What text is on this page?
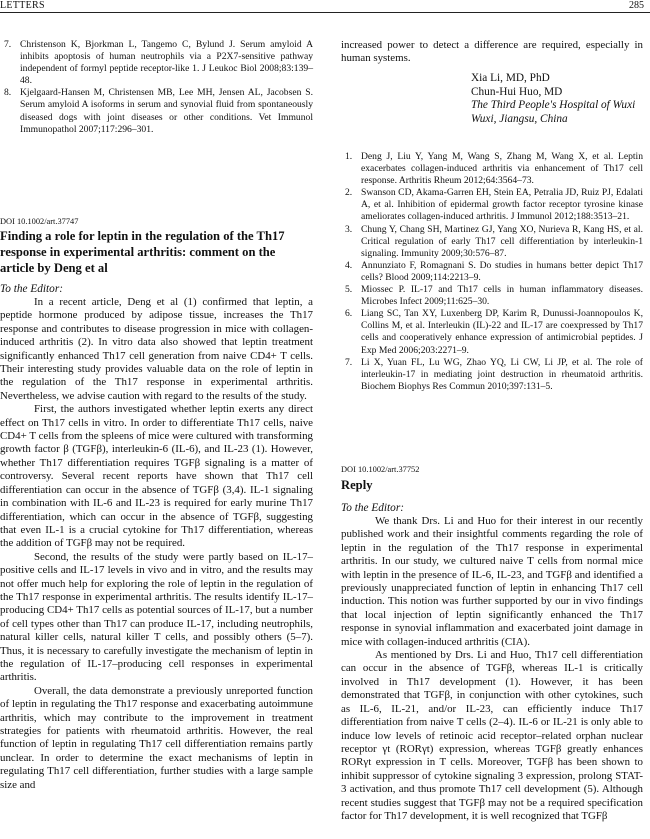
LETTERS	285
7. Christenson K, Bjorkman L, Tangemo C, Bylund J. Serum amyloid A inhibits apoptosis of human neutrophils via a P2X7-sensitive pathway independent of formyl peptide receptor-like 1. J Leukoc Biol 2008;83:139–48.
8. Kjelgaard-Hansen M, Christensen MB, Lee MH, Jensen AL, Jacobsen S. Serum amyloid A isoforms in serum and synovial fluid from spontaneously diseased dogs with joint diseases or other conditions. Vet Immunol Immunopathol 2007;117:296–301.
DOI 10.1002/art.37747
Finding a role for leptin in the regulation of the Th17 response in experimental arthritis: comment on the article by Deng et al

To the Editor:

In a recent article, Deng et al (1) confirmed that leptin, a peptide hormone produced by adipose tissue, increases the Th17 response and contributes to disease progression in mice with collagen-induced arthritis (2). In vitro data also showed that leptin treatment significantly enhanced Th17 cell generation from naive CD4+ T cells. Their interesting study provides valuable data on the role of leptin in the regulation of the Th17 response in experimental arthritis. Nevertheless, we advise caution with regard to the results of the study.

First, the authors investigated whether leptin exerts any direct effect on Th17 cells in vitro. In order to differentiate Th17 cells, naive CD4+ T cells from the spleens of mice were cultured with transforming growth factor β (TGFβ), interleukin-6 (IL-6), and IL-23 (1). However, whether Th17 differentiation requires TGFβ signaling is a matter of controversy. Several recent reports have shown that Th17 cell differentiation can occur in the absence of TGFβ (3,4). IL-1 signaling in combination with IL-6 and IL-23 is required for early murine Th17 differentiation, which can occur in the absence of TGFβ, suggesting that even IL-1 is a crucial cytokine for Th17 differentiation, whereas the addition of TGFβ may not be required.

Second, the results of the study were partly based on IL-17–positive cells and IL-17 levels in vivo and in vitro, and the results may not offer much help for exploring the role of leptin in the regulation of the Th17 response in experimental arthritis. The results identify IL-17–producing CD4+ Th17 cells as potential sources of IL-17, but a number of cell types other than Th17 can produce IL-17, including neutrophils, natural killer cells, natural killer T cells, and possibly others (5–7). Thus, it is necessary to carefully investigate the mechanism of leptin in the regulation of IL-17–producing cell responses in experimental arthritis.

Overall, the data demonstrate a previously unreported function of leptin in regulating the Th17 response and exacerbating autoimmune arthritis, which may contribute to the improvement in treatment strategies for patients with rheumatoid arthritis. However, the real function of leptin in regulating Th17 cell differentiation remains partly unclear. In order to determine the exact mechanisms of leptin in regulating Th17 cell differentiation, further studies with a large sample size and

increased power to detect a difference are required, especially in human systems.

Xia Li, MD, PhD
Chun-Hui Huo, MD
The Third People's Hospital of Wuxi
Wuxi, Jiangsu, China
1. Deng J, Liu Y, Yang M, Wang S, Zhang M, Wang X, et al. Leptin exacerbates collagen-induced arthritis via enhancement of Th17 cell response. Arthritis Rheum 2012;64:3564–73.
2. Swanson CD, Akama-Garren EH, Stein EA, Petralia JD, Ruiz PJ, Edalati A, et al. Inhibition of epidermal growth factor receptor tyrosine kinase ameliorates collagen-induced arthritis. J Immunol 2012;188:3513–21.
3. Chung Y, Chang SH, Martinez GJ, Yang XO, Nurieva R, Kang HS, et al. Critical regulation of early Th17 cell differentiation by interleukin-1 signaling. Immunity 2009;30:576–87.
4. Annunziato F, Romagnani S. Do studies in humans better depict Th17 cells? Blood 2009;114:2213–9.
5. Miossec P. IL-17 and Th17 cells in human inflammatory diseases. Microbes Infect 2009;11:625–30.
6. Liang SC, Tan XY, Luxenberg DP, Karim R, Dunussi-Joannopoulos K, Collins M, et al. Interleukin (IL)-22 and IL-17 are coexpressed by Th17 cells and cooperatively enhance expression of antimicrobial peptides. J Exp Med 2006;203:2271–9.
7. Li X, Yuan FL, Lu WG, Zhao YQ, Li CW, Li JP, et al. The role of interleukin-17 in mediating joint destruction in rheumatoid arthritis. Biochem Biophys Res Commun 2010;397:131–5.
DOI 10.1002/art.37752
Reply

To the Editor:

We thank Drs. Li and Huo for their interest in our recently published work and their insightful comments regarding the role of leptin in the regulation of the Th17 response in experimental arthritis. In our study, we cultured naive T cells from normal mice with leptin in the presence of IL-6, IL-23, and TGFβ and identified a previously unappreciated function of leptin in enhancing Th17 cell induction. This notion was further supported by our in vivo findings that local injection of leptin significantly enhanced the Th17 response in synovial inflammation and exacerbated joint damage in mice with collagen-induced arthritis (CIA).

As mentioned by Drs. Li and Huo, Th17 cell differentiation can occur in the absence of TGFβ, whereas IL-1 is critically involved in Th17 development (1). However, it has been demonstrated that TGFβ, in conjunction with other cytokines, such as IL-6, IL-21, and/or IL-23, can efficiently induce Th17 differentiation from naive T cells (2–4). IL-6 or IL-21 is only able to induce low levels of retinoic acid receptor–related orphan nuclear receptor γt (RORγt) expression, whereas TGFβ greatly enhances RORγt expression in T cells. Moreover, TGFβ has been shown to inhibit suppressor of cytokine signaling 3 expression, prolong STAT-3 activation, and thus promote Th17 cell development (5). Although recent studies suggest that TGFβ may not be a required specification factor for Th17 development, it is well recognized that TGFβ
